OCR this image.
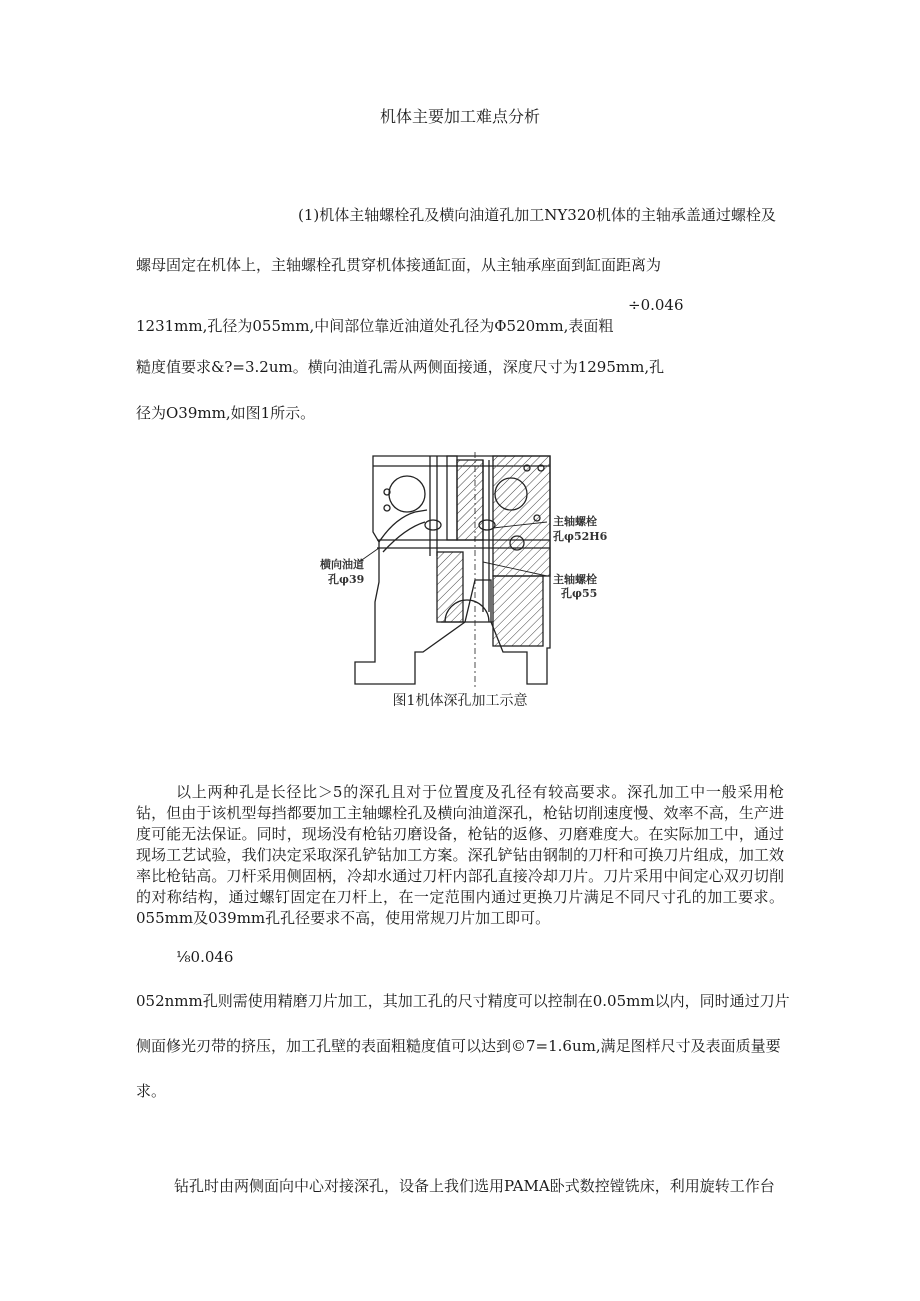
机体主要加工难点分析
(1)机体主轴螺栓孔及横向油道孔加工NY320机体的主轴承盖通过螺栓及
螺母固定在机体上，主轴螺栓孔贯穿机体接通缸面，从主轴承座面到缸面距离为
÷0.046
1231mm,孔径为055mm,中间部位靠近油道处孔径为Φ520mm,表面粗
糙度值要求&?=3.2um。横向油道孔需从两侧面接通，深度尺寸为1295mm,孔
径为O39mm,如图1所示。
主轴螺栓
孔φ52H6
横向油道
孔φ39	主轴螺栓
孔φ55
图1机体深孔加工示意
以上两种孔是长径比＞5的深孔且对于位置度及孔径有较高要求。深孔加工中一般采用枪钻，但由于该机型每挡都要加工主轴螺栓孔及横向油道深孔，枪钻切削速度慢、效率不高，生产进度可能无法保证。同时，现场没有枪钻刃磨设备，枪钻的返修、刃磨难度大。在实际加工中，通过现场工艺试验，我们决定采取深孔铲钻加工方案。深孔铲钻由钢制的刀杆和可换刀片组成，加工效率比枪钻高。刀杆采用侧固柄，冷却水通过刀杆内部孔直接冷却刀片。刀片采用中间定心双刃切削的对称结构，通过螺钉固定在刀杆上，在一定范围内通过更换刀片满足不同尺寸孔的加工要求。055mm及039mm孔孔径要求不高，使用常规刀片加工即可。
⅛0.046
052nmm孔则需使用精磨刀片加工，其加工孔的尺寸精度可以控制在0.05mm以内，同时通过刀片
侧面修光刃带的挤压，加工孔壁的表面粗糙度值可以达到©7=1.6um,满足图样尺寸及表面质量要
求。
钻孔时由两侧面向中心对接深孔，设备上我们选用PAMA卧式数控镗铣床，利用旋转工作台
